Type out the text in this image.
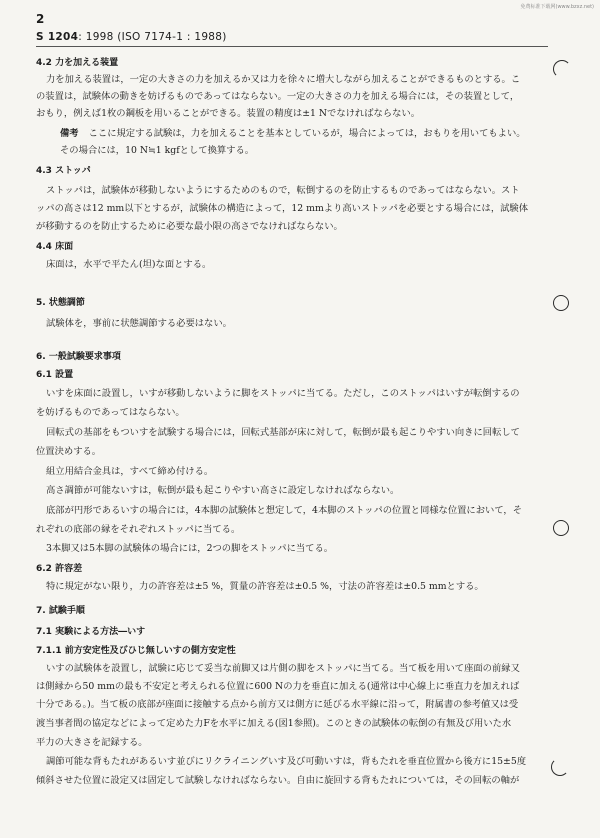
免费标准下载网(www.bzxz.net)
2
S 1204: 1998 (ISO 7174-1 : 1988)
4.2 力を加える装置
力を加える装置は，一定の大きさの力を加えるか又は力を徐々に増大しながら加えることができるものとする。こ
の装置は，試験体の動きを妨げるものであってはならない。一定の大きさの力を加える場合には，その装置として，
おもり，例えば1枚の鋼板を用いることができる。装置の精度は±1 Nでなければならない。
備考 ここに規定する試験は，力を加えることを基本としているが，場合によっては，おもりを用いてもよい。
その場合には，10 N≒1 kgfとして換算する。
4.3 ストッパ
ストッパは，試験体が移動しないようにするためのもので，転倒するのを防止するものであってはならない。スト
ッパの高さは12 mm以下とするが，試験体の構造によって，12 mmより高いストッパを必要とする場合には，試験体
が移動するのを防止するために必要な最小限の高さでなければならない。
4.4 床面
床面は，水平で平たん(坦)な面とする。
5. 状態調節
試験体を，事前に状態調節する必要はない。
6. 一般試験要求事項
6.1 設置
いすを床面に設置し，いすが移動しないように脚をストッパに当てる。ただし，このストッパはいすが転倒するの
を妨げるものであってはならない。
回転式の基部をもついすを試験する場合には，回転式基部が床に対して，転倒が最も起こりやすい向きに回転して
位置決めする。
組立用結合金具は，すべて締め付ける。
高さ調節が可能ないすは，転倒が最も起こりやすい高さに設定しなければならない。
底部が円形であるいすの場合には，4本脚の試験体と想定して，4本脚のストッパの位置と同様な位置において，そ
れぞれの底部の縁をそれぞれストッパに当てる。
3本脚又は5本脚の試験体の場合には，2つの脚をストッパに当てる。
6.2 許容差
特に規定がない限り，力の許容差は±5 %，質量の許容差は±0.5 %，寸法の許容差は±0.5 mmとする。
7. 試験手順
7.1 実験による方法―いす
7.1.1 前方安定性及びひじ無しいすの側方安定性
いすの試験体を設置し，試験に応じて妥当な前脚又は片側の脚をストッパに当てる。当て板を用いて座面の前縁又
は側縁から50 mmの最も不安定と考えられる位置に600 Nの力を垂直に加える(通常は中心線上に垂直力を加えれば
十分である。)。当て板の底部が座面に接触する点から前方又は側方に延びる水平線に沿って，附属書の参考値又は受
渡当事者間の協定などによって定めた力Fを水平に加える(図1参照)。このときの試験体の転倒の有無及び用いた水
平力の大きさを記録する。
調節可能な背もたれがあるいす並びにリクライニングいす及び可動いすは，背もたれを垂直位置から後方に15±5度
傾斜させた位置に設定又は固定して試験しなければならない。自由に旋回する背もたれについては，その回転の軸が
